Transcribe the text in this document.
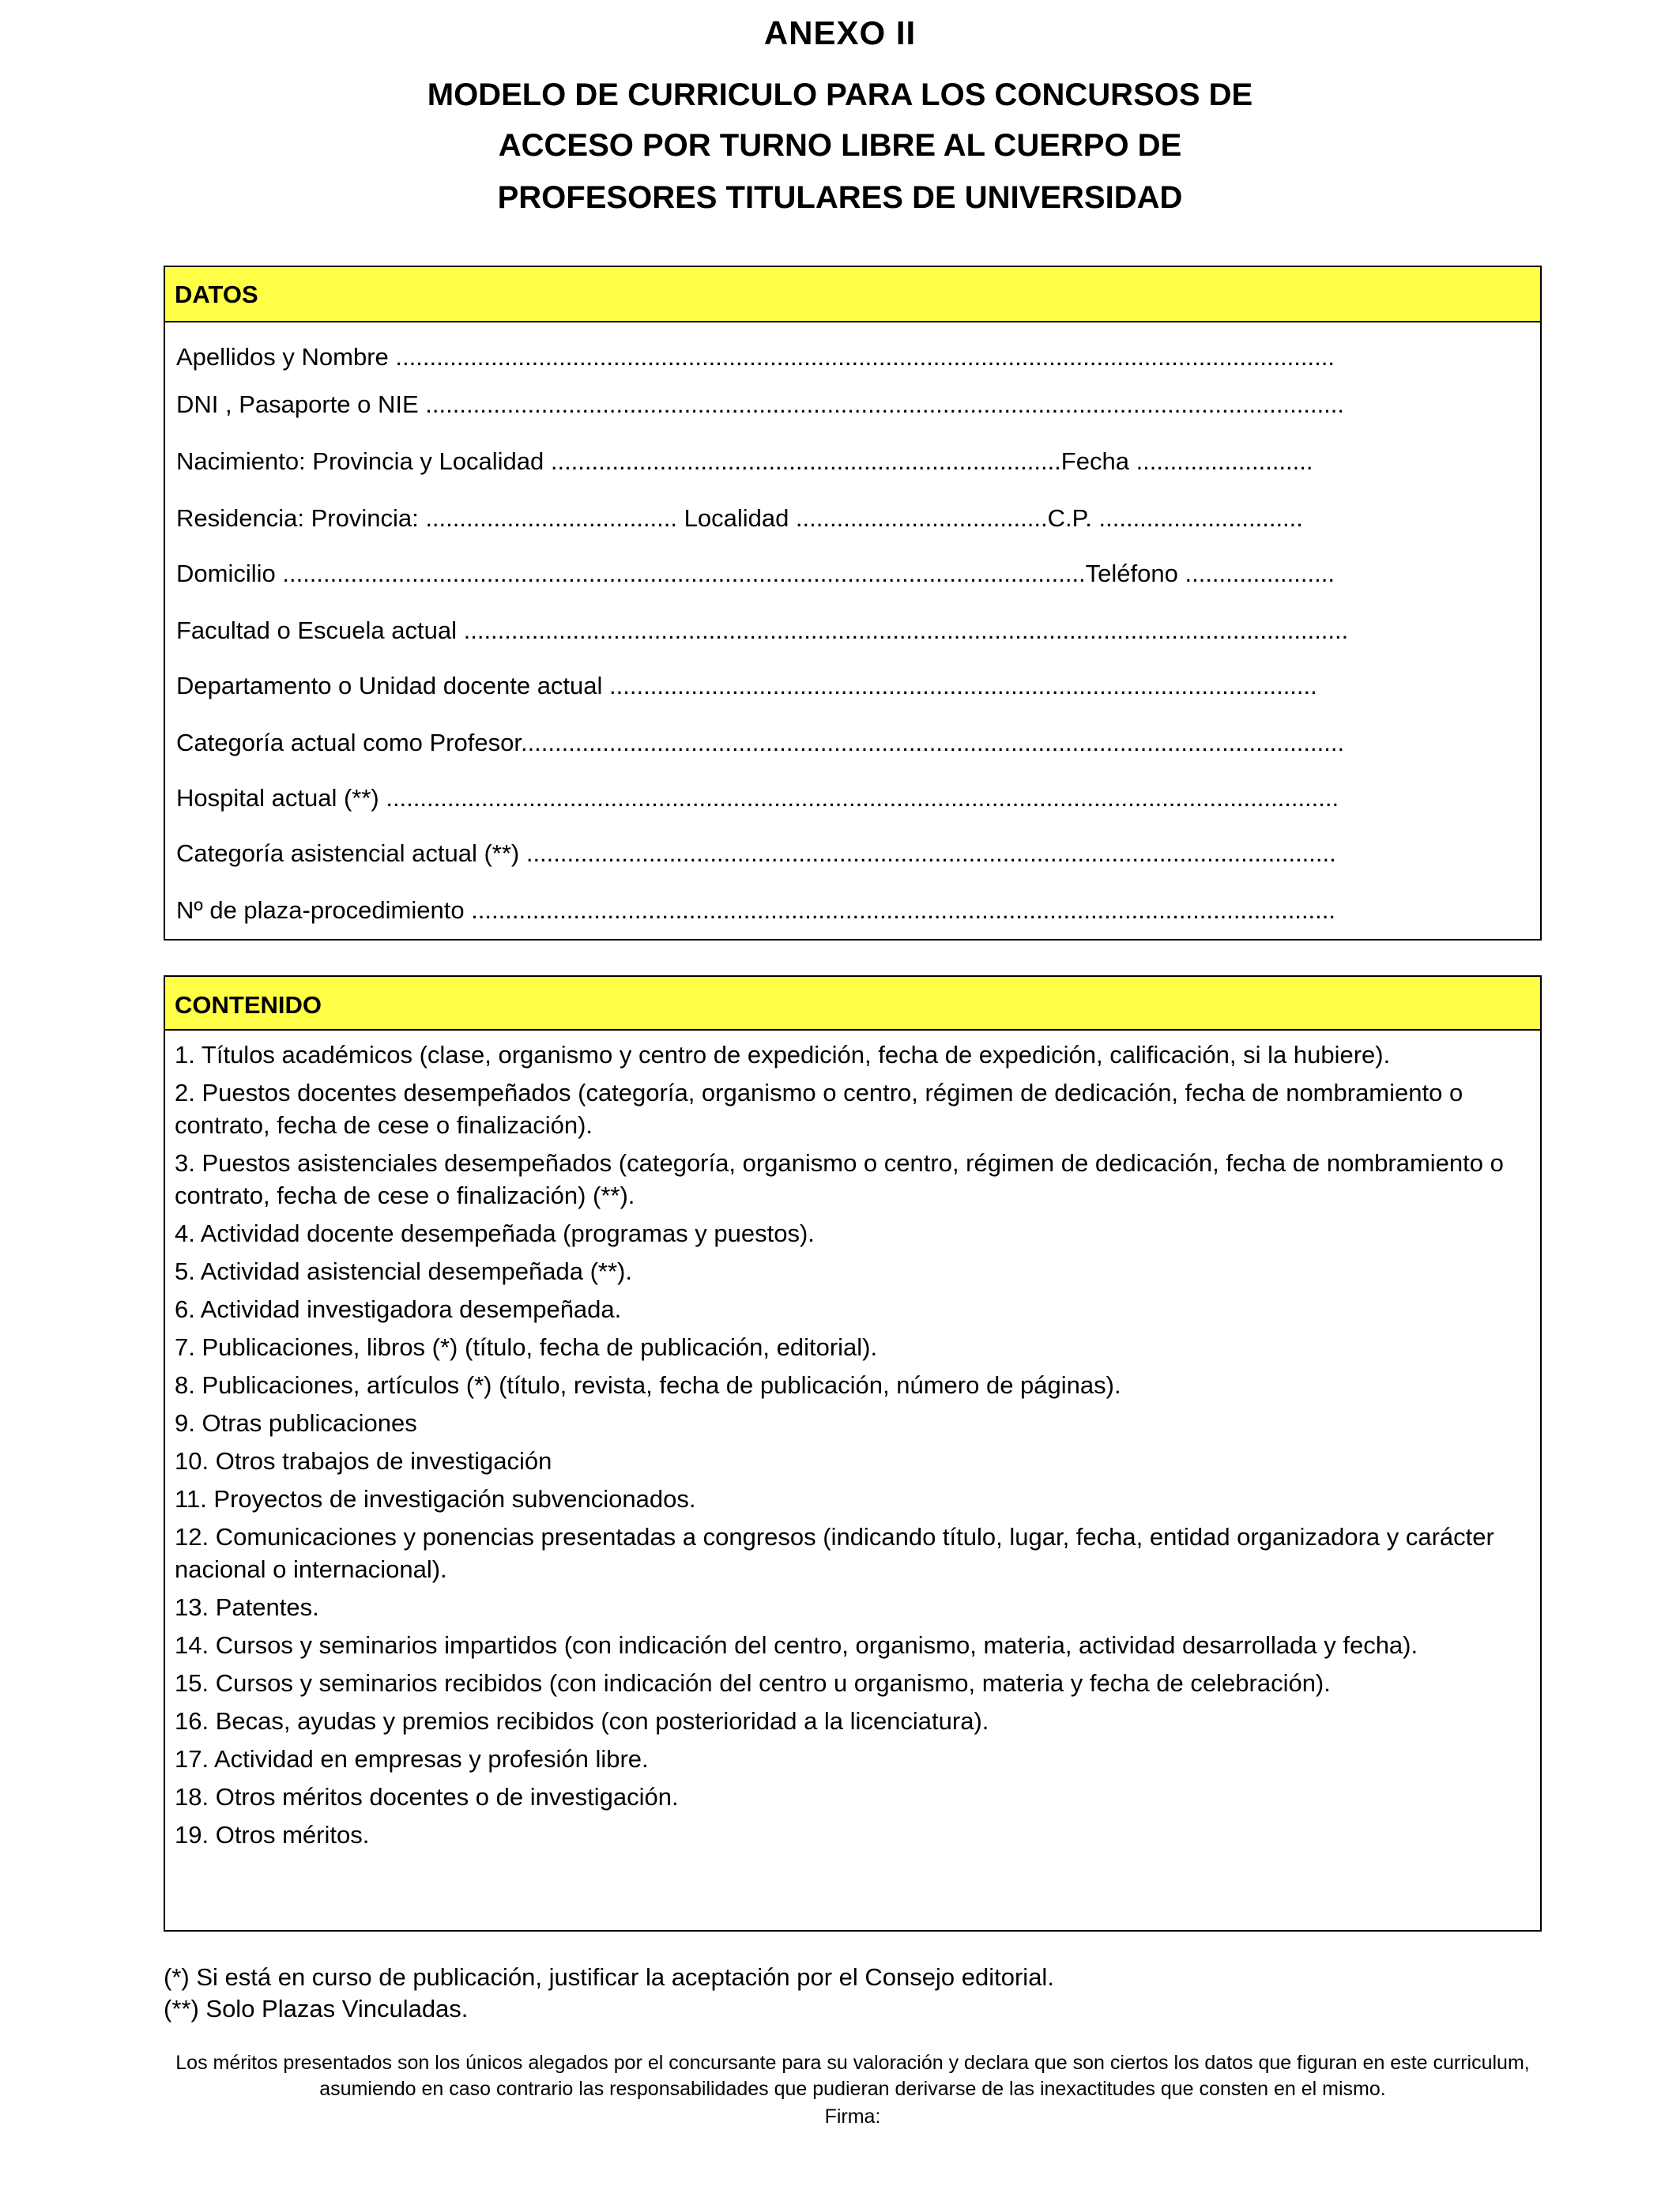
ANEXO II
MODELO DE CURRICULO PARA LOS CONCURSOS DE
ACCESO POR TURNO LIBRE AL CUERPO DE
PROFESORES TITULARES DE UNIVERSIDAD
DATOS
Apellidos y Nombre ..........................................................................................................................................
DNI , Pasaporte o NIE .......................................................................................................................................
Nacimiento: Provincia y Localidad ...........................................................................Fecha ..........................
Residencia: Provincia: ..................................... Localidad .....................................C.P. ..............................
Domicilio ......................................................................................................................Teléfono ......................
Facultad o Escuela actual ..................................................................................................................................
Departamento o Unidad docente actual ........................................................................................................
Categoría actual como Profesor.........................................................................................................................
Hospital actual (**) ............................................................................................................................................
Categoría asistencial actual (**) .......................................................................................................................
Nº de plaza-procedimiento ...............................................................................................................................
CONTENIDO
1. Títulos académicos (clase, organismo y centro de expedición, fecha de expedición, calificación, si la hubiere).
2. Puestos docentes desempeñados (categoría, organismo o centro, régimen de dedicación, fecha de nombramiento o contrato, fecha de cese o finalización).
3. Puestos asistenciales desempeñados (categoría, organismo o centro, régimen de dedicación, fecha de nombramiento o contrato, fecha de cese o finalización) (**).
4. Actividad docente desempeñada (programas y puestos).
5. Actividad asistencial desempeñada (**).
6. Actividad investigadora desempeñada.
7. Publicaciones, libros (*) (título, fecha de publicación, editorial).
8. Publicaciones, artículos (*) (título, revista, fecha de publicación, número de páginas).
9. Otras publicaciones
10. Otros trabajos de investigación
11. Proyectos de investigación subvencionados.
12. Comunicaciones y ponencias presentadas a congresos (indicando título, lugar, fecha, entidad organizadora y carácter nacional o internacional).
13. Patentes.
14. Cursos y seminarios impartidos (con indicación del centro, organismo, materia, actividad desarrollada y fecha).
15. Cursos y seminarios recibidos (con indicación del centro u organismo, materia y fecha de celebración).
16. Becas, ayudas y premios recibidos (con posterioridad a la licenciatura).
17. Actividad en empresas y profesión libre.
18. Otros méritos docentes o de investigación.
19. Otros méritos.
(*) Si está en curso de publicación, justificar la aceptación por el Consejo editorial.
(**) Solo Plazas Vinculadas.
Los méritos presentados son los únicos alegados por el concursante para su valoración y declara que son ciertos los datos que figuran en este curriculum, asumiendo en caso contrario las responsabilidades que pudieran derivarse de las inexactitudes que consten en el mismo.
Firma:
